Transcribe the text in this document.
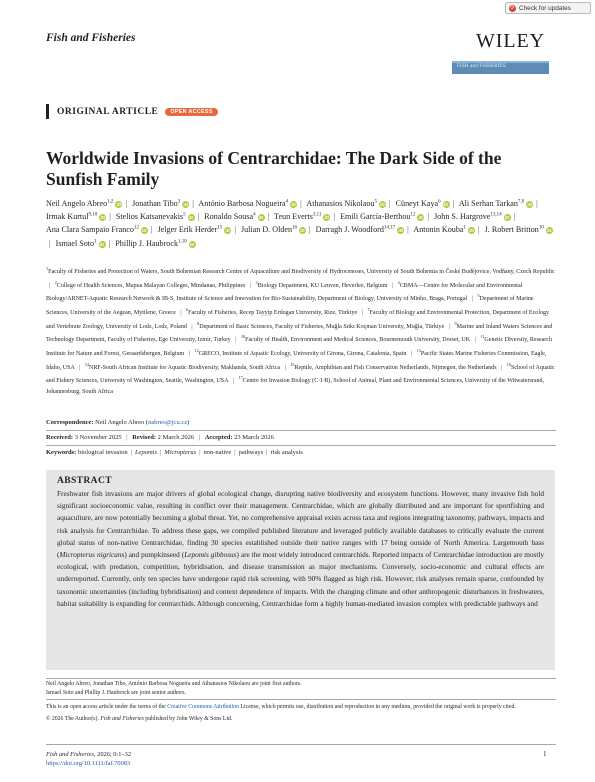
⟳ Check for updates
Fish and Fisheries	WILEY
FISH and FISHERIES
ORIGINAL ARTICLE	OPEN ACCESS
Worldwide Invasions of Centrarchidae: The Dark Side of the Sunfish Family
Neil Angelo Abreo$^{1,2}$iD | Jonathan Tibo$^3$iD | António Barbosa Nogueira$^4$iD | Athanasios Nikolaou$^5$iD | Cüneyt Kaya$^6$iD | Ali Serhan Tarkan$^{7,8}$iD | Irmak Kurtul$^{9,10}$iD | Stelios Katsanevakis$^5$iD | Ronaldo Sousa$^4$iD | Teun Everts$^{3,11}$iD | Emili García-Berthou$^{12}$iD | John S. Hargrove$^{13,14}$iD | Ana Clara Sampaio Franco$^{12}$iD | Jelger Erik Herder$^{15}$iD | Julian D. Olden$^{16}$iD | Darragh J. Woodford$^{14,17}$iD | Antonin Kouba$^1$iD | J. Robert Britton$^{10}$iD| Ismael Soto$^1$iD | Phillip J. Haubrock$^{1,10}$iD
$^1$Faculty of Fisheries and Protection of Waters, South Bohemian Research Centre of Aquaculture and Biodiversity of Hydrocenoses, University of South Bohemia in České Budějovice, Vodňany, Czech Republic | $^2$College of Health Sciences, Mapua Malayan Colleges, Mindanao, Philippines | $^3$Biology Department, KU Leuven, Heverlee, Belgium | $^4$CBMA—Centre for Molecular and Environmental Biology/ARNET-Aquatic Research Network & IB-S, Institute of Science and Innovation for Bio-Sustainability, Department of Biology, University of Minho, Braga, Portugal | $^5$Department of Marine Sciences, University of the Aegean, Mytilene, Greece | $^6$Faculty of Fisheries, Recep Tayyip Erdogan University, Rize, Türkiye | $^7$Faculty of Biology and Environmental Protection, Department of Ecology and Vertebrate Zoology, University of Lodz, Lodz, Poland | $^8$Department of Basic Sciences, Faculty of Fisheries, Muğla Sıtkı Koçman University, Muğla, Türkiye | $^9$Marine and Inland Waters Sciences and Technology Department, Faculty of Fisheries, Ege University, Izmir, Turkey | $^{10}$Faculty of Health, Environment and Medical Sciences, Bournemouth University, Dorset, UK | $^{11}$Genetic Diversity, Research Institute for Nature and Forest, Geraardsbergen, Belgium | $^{12}$GRECO, Institute of Aquatic Ecology, University of Girona, Girona, Catalonia, Spain | $^{13}$Pacific States Marine Fisheries Commission, Eagle, Idaho, USA | $^{14}$NRF-South African Institute for Aquatic Biodiversity, Makhanda, South Africa | $^{15}$Reptile, Amphibian and Fish Conservation Netherlands, Nijmegen, the Netherlands | $^{16}$School of Aquatic and Fishery Sciences, University of Washington, Seattle, Washington, USA | $^{17}$Centre for Invasion Biology (C·I·B), School of Animal, Plant and Environmental Sciences, University of the Witwatersrand, Johannesburg, South Africa
Correspondence: Neil Angelo Abreo (nabreo@jcu.cz)
Received: 3 November 2025 | Revised: 2 March 2026 | Accepted: 23 March 2026
Keywords: biological invasion | Lepomis | Micropterus | non-native | pathways | risk analysis
ABSTRACT

Freshwater fish invasions are major drivers of global ecological change, disrupting native biodiversity and ecosystem functions. However, many invasive fish hold significant socioeconomic value, resulting in conflict over their management. Centrarchidae, which are globally distributed and are important for sportfishing and aquaculture, are now potentially becoming a global threat. Yet, no comprehensive appraisal exists across taxa and regions integrating taxonomy, pathways, impacts and risk analysis for Centrarchidae. To address these gaps, we compiled published literature and leveraged publicly available databases to critically evaluate the current global status of non-native Centrarchidae, finding 30 species established outside their native ranges with 17 being outside of North America. Largemouth bass (Micropterus nigricans) and pumpkinseed (Lepomis gibbosus) are the most widely introduced centrarchids. Reported impacts of Centrarchidae introduction are mostly ecological, with predation, competition, hybridisation, and disease transmission as major mechanisms. Conversely, socio-economic and cultural effects are underreported. Currently, only ten species have undergone rapid risk screening, with 90% flagged as high risk. However, risk analyses remain sparse, confounded by taxonomic uncertainties (including hybridisation) and context dependence of impacts. With the changing climate and other anthropogenic disturbances in freshwaters, habitat suitability is expanding for centrarchids. Although concerning, Centrarchidae form a highly human-mediated invasion complex with predictable pathways and

Neil Angelo Abreo, Jonathan Tibo, António Barbosa Nogueira and Athanasios Nikolaou are joint first authors.
Ismael Soto and Phillip J. Haubrock are joint senior authors.
This is an open access article under the terms of the Creative Commons Attribution License, which permits use, distribution and reproduction in any medium, provided the original work is properly cited.
© 2026 The Author(s). Fish and Fisheries published by John Wiley & Sons Ltd.
Fish and Fisheries, 2026; 0:1–32
https://doi.org/10.1111/faf.70083
1
